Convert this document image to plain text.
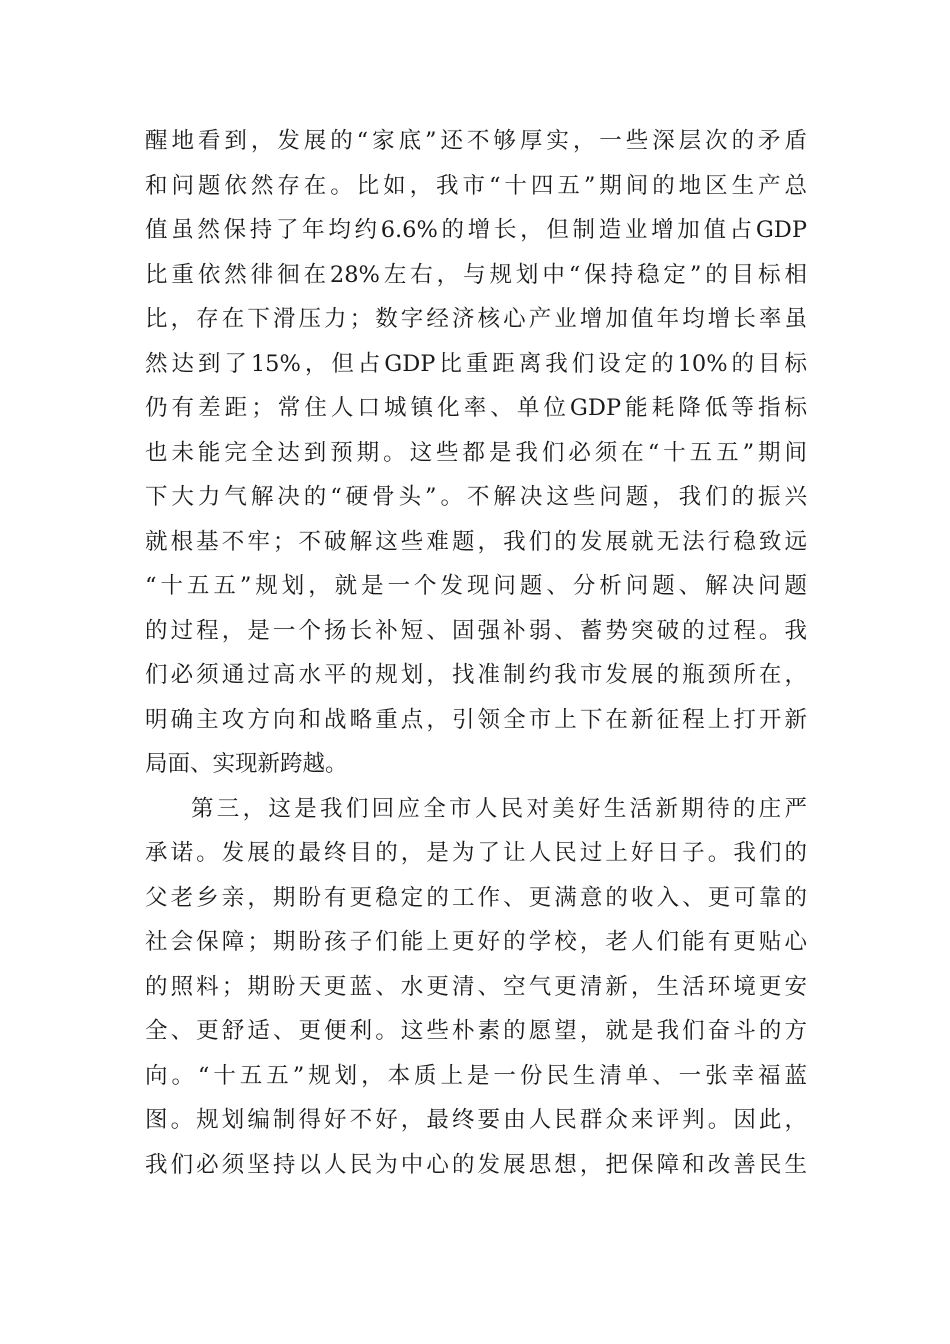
醒地看到，发展的“家底”还不够厚实，一些深层次的矛盾
和问题依然存在。比如，我市“十四五”期间的地区生产总
值虽然保持了年均约6.6%的增长，但制造业增加值占GDP
比重依然徘徊在28%左右，与规划中“保持稳定”的目标相
比，存在下滑压力；数字经济核心产业增加值年均增长率虽
然达到了15%，但占GDP比重距离我们设定的10%的目标
仍有差距；常住人口城镇化率、单位GDP能耗降低等指标
也未能完全达到预期。这些都是我们必须在“十五五”期间
下大力气解决的“硬骨头”。不解决这些问题，我们的振兴
就根基不牢；不破解这些难题，我们的发展就无法行稳致远
“十五五”规划，就是一个发现问题、分析问题、解决问题
的过程，是一个扬长补短、固强补弱、蓄势突破的过程。我
们必须通过高水平的规划，找准制约我市发展的瓶颈所在，
明确主攻方向和战略重点，引领全市上下在新征程上打开新
局面、实现新跨越。
第三，这是我们回应全市人民对美好生活新期待的庄严
承诺。发展的最终目的，是为了让人民过上好日子。我们的
父老乡亲，期盼有更稳定的工作、更满意的收入、更可靠的
社会保障；期盼孩子们能上更好的学校，老人们能有更贴心
的照料；期盼天更蓝、水更清、空气更清新，生活环境更安
全、更舒适、更便利。这些朴素的愿望，就是我们奋斗的方
向。“十五五”规划，本质上是一份民生清单、一张幸福蓝
图。规划编制得好不好，最终要由人民群众来评判。因此，
我们必须坚持以人民为中心的发展思想，把保障和改善民生
